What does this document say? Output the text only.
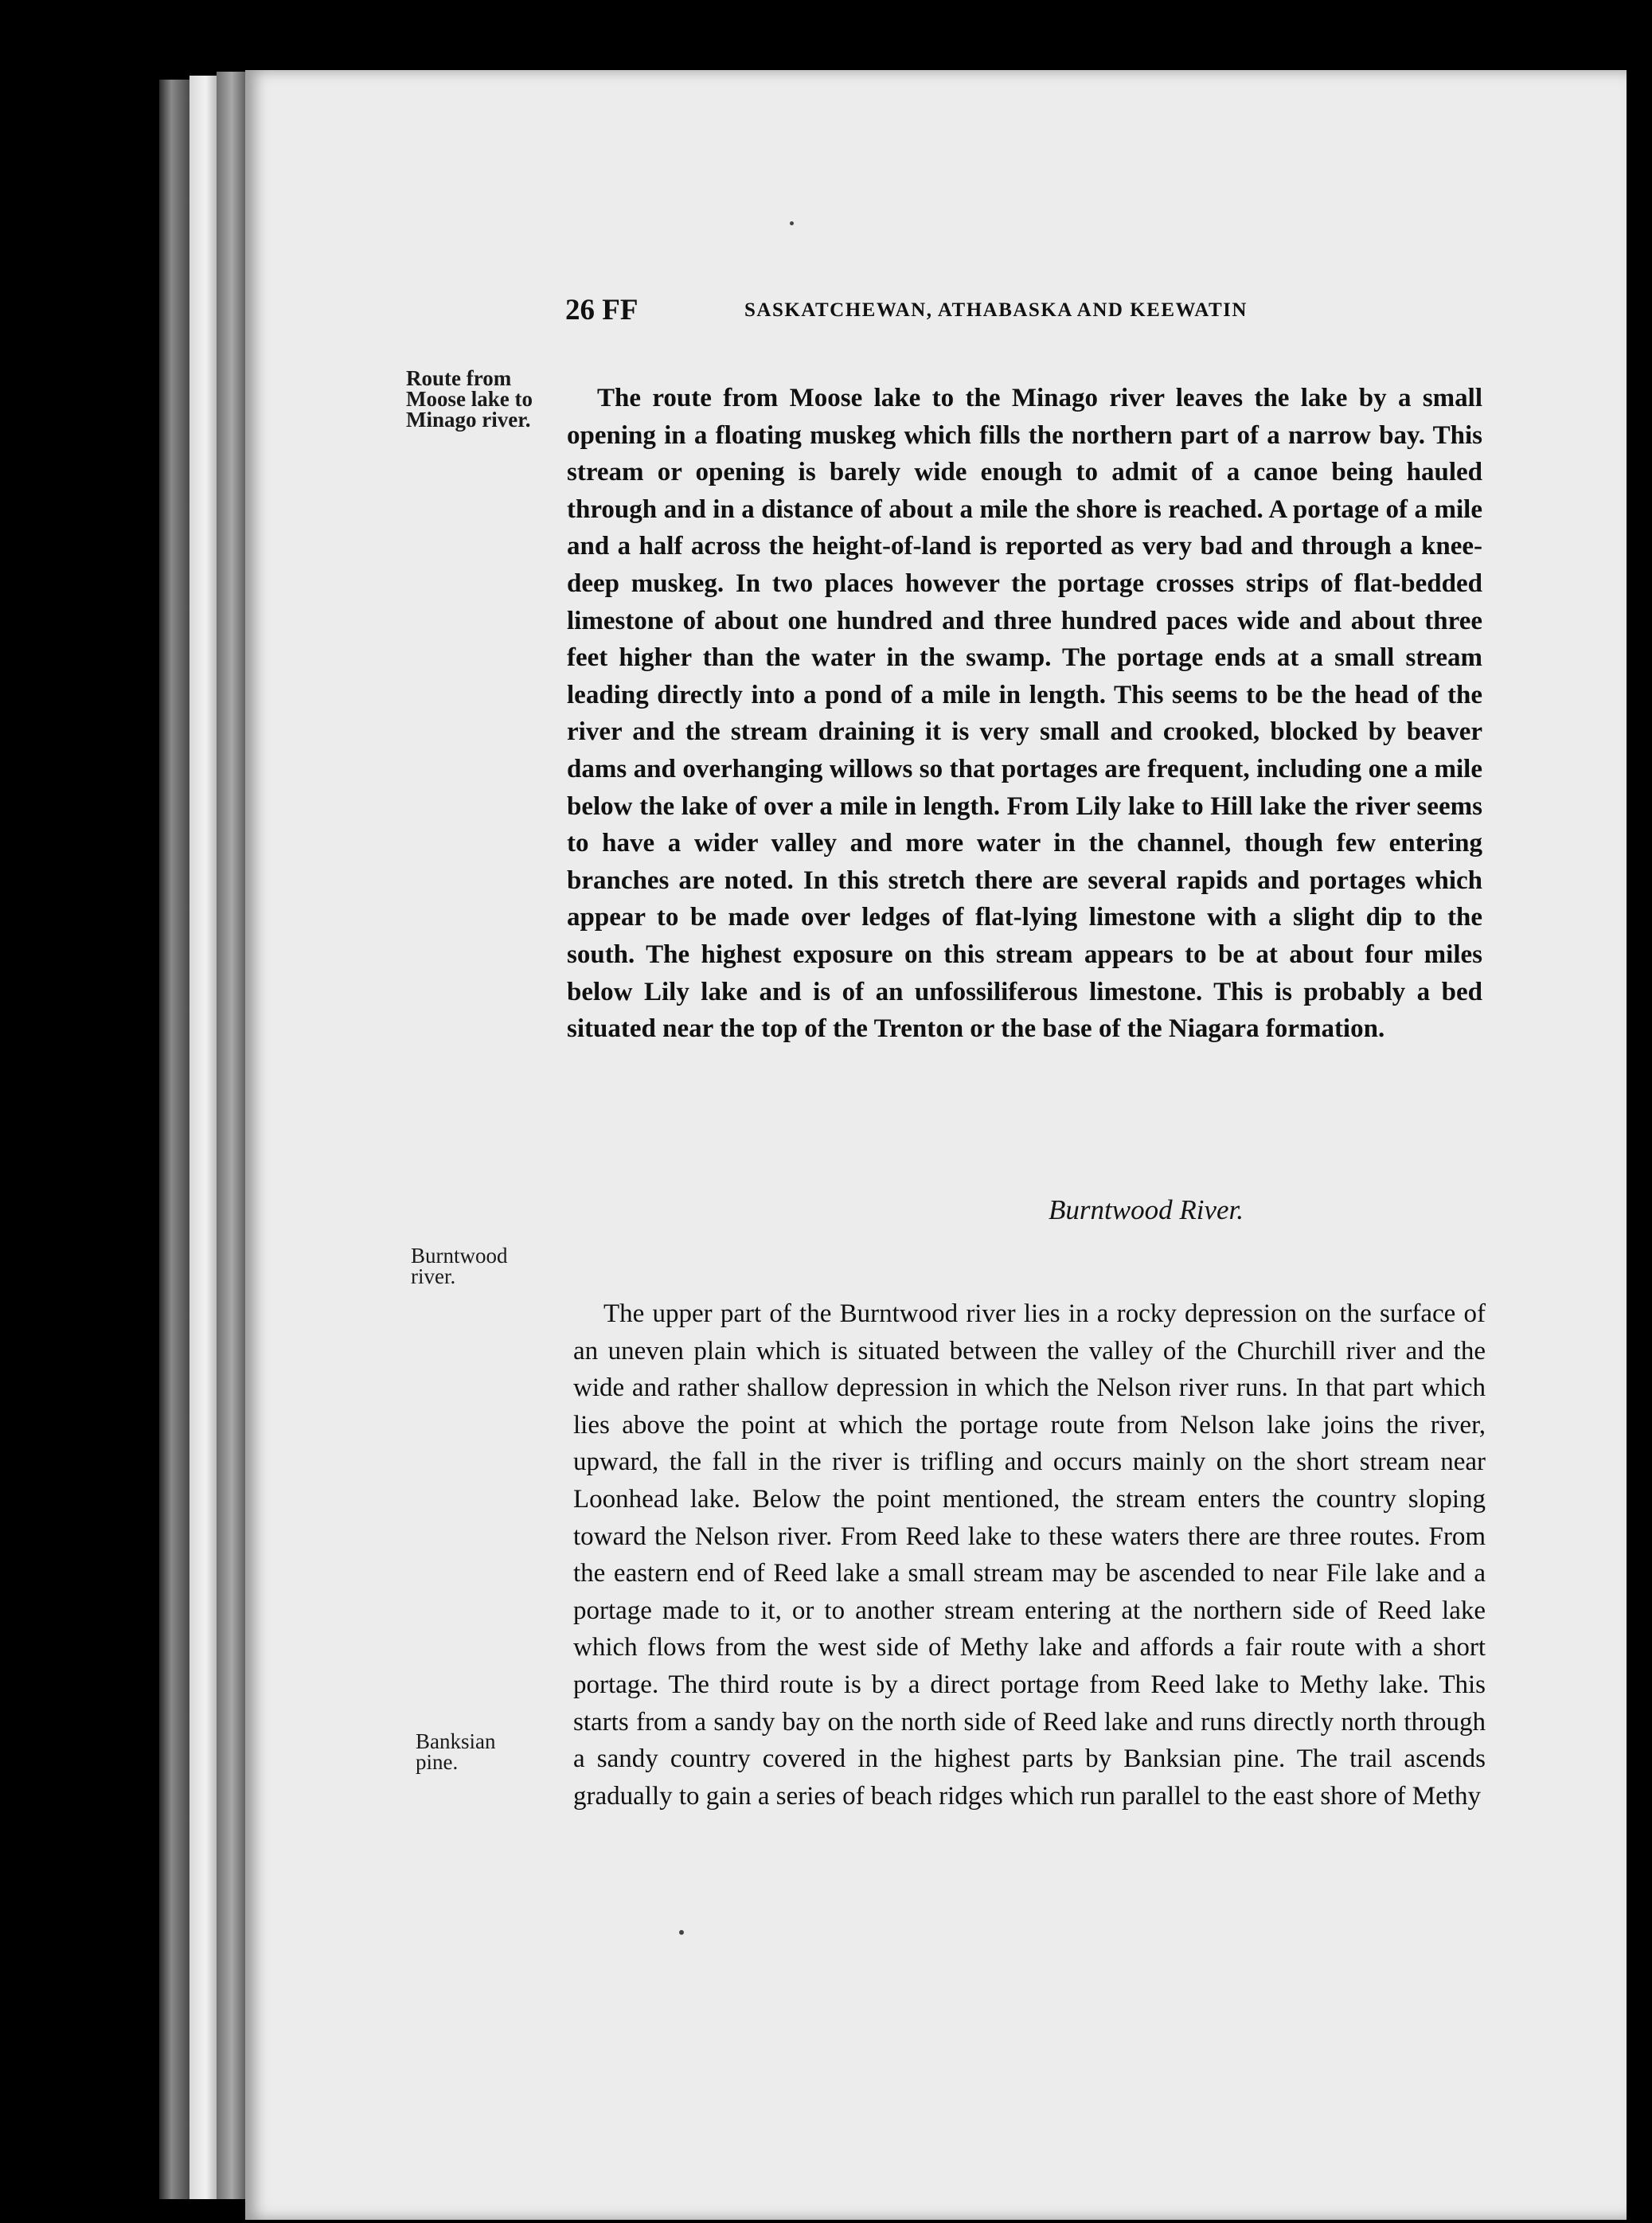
26 FF	SASKATCHEWAN, ATHABASKA AND KEEWATIN
Route from
Moose lake to
Minago river.
Burntwood
river.
Banksian
pine.

The route from Moose lake to the Minago river leaves the lake by a small opening in a floating muskeg which fills the northern part of a narrow bay. This stream or opening is barely wide enough to admit of a canoe being hauled through and in a distance of about a mile the shore is reached. A portage of a mile and a half across the height-of-land is reported as very bad and through a knee-deep muskeg. In two places however the portage crosses strips of flat-bedded limestone of about one hundred and three hundred paces wide and about three feet higher than the water in the swamp. The portage ends at a small stream leading directly into a pond of a mile in length. This seems to be the head of the river and the stream draining it is very small and crooked, blocked by beaver dams and overhanging willows so that portages are frequent, including one a mile below the lake of over a mile in length. From Lily lake to Hill lake the river seems to have a wider valley and more water in the channel, though few entering branches are noted. In this stretch there are several rapids and portages which appear to be made over ledges of flat-lying limestone with a slight dip to the south. The highest exposure on this stream appears to be at about four miles below Lily lake and is of an unfossiliferous limestone. This is probably a bed situated near the top of the Trenton or the base of the Niagara formation.

Burntwood River.

The upper part of the Burntwood river lies in a rocky depression on the surface of an uneven plain which is situated between the valley of the Churchill river and the wide and rather shallow depression in which the Nelson river runs. In that part which lies above the point at which the portage route from Nelson lake joins the river, upward, the fall in the river is trifling and occurs mainly on the short stream near Loonhead lake. Below the point mentioned, the stream enters the country sloping toward the Nelson river. From Reed lake to these waters there are three routes. From the eastern end of Reed lake a small stream may be ascended to near File lake and a portage made to it, or to another stream entering at the northern side of Reed lake which flows from the west side of Methy lake and affords a fair route with a short portage. The third route is by a direct portage from Reed lake to Methy lake. This starts from a sandy bay on the north side of Reed lake and runs directly north through a sandy country covered in the highest parts by Banksian pine. The trail ascends gradually to gain a series of beach ridges which run parallel to the east shore of Methy
